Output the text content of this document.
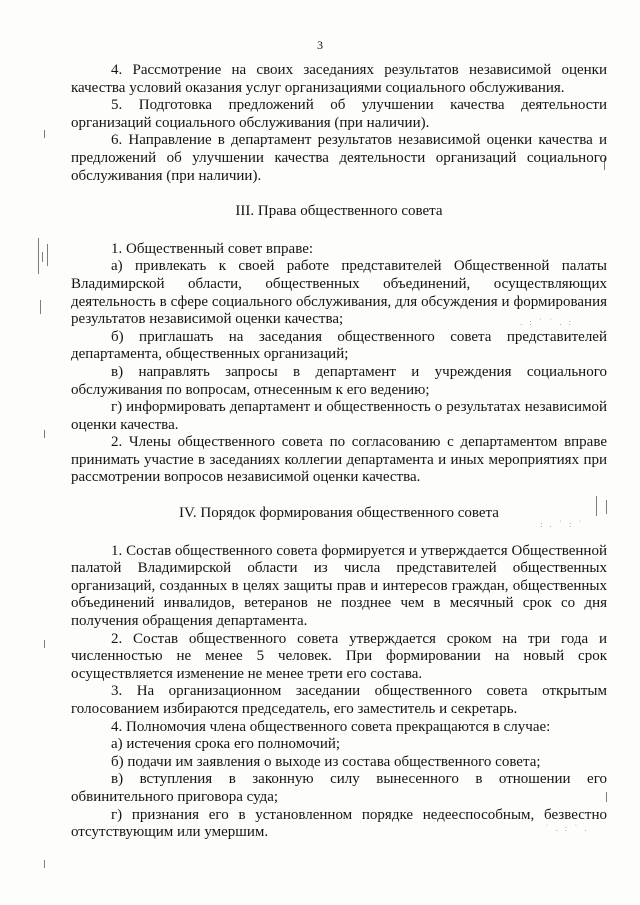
. : ˙ ˙ . :
: . ˙ : ˙
˙ . : ˙ .
3

4. Рассмотрение на своих заседаниях результатов независимой оценки качества условий оказания услуг организациями социального обслуживания.

5. Подготовка предложений об улучшении качества деятельности организаций социального обслуживания (при наличии).

6. Направление в департамент результатов независимой оценки качества и предложений об улучшении качества деятельности организаций социального обслуживания (при наличии).

III. Права общественного совета

1. Общественный совет вправе:

а) привлекать к своей работе представителей Общественной палаты Владимирской области, общественных объединений, осуществляющих деятельность в сфере социального обслуживания, для обсуждения и формирования результатов независимой оценки качества;

б) приглашать на заседания общественного совета представителей департамента, общественных организаций;

в) направлять запросы в департамент и учреждения социального обслуживания по вопросам, отнесенным к его ведению;

г) информировать департамент и общественность о результатах независимой оценки качества.

2. Члены общественного совета по согласованию с департаментом вправе принимать участие в заседаниях коллегии департамента и иных мероприятиях при рассмотрении вопросов независимой оценки качества.

IV. Порядок формирования общественного совета

1. Состав общественного совета формируется и утверждается Общественной палатой Владимирской области из числа представителей общественных организаций, созданных в целях защиты прав и интересов граждан, общественных объединений инвалидов, ветеранов не позднее чем в месячный срок со дня получения обращения департамента.

2. Состав общественного совета утверждается сроком на три года и численностью не менее 5 человек. При формировании на новый срок осуществляется изменение не менее трети его состава.

3. На организационном заседании общественного совета открытым голосованием избираются председатель, его заместитель и секретарь.

4. Полномочия члена общественного совета прекращаются в случае:

а) истечения срока его полномочий;

б) подачи им заявления о выходе из состава общественного совета;

в) вступления в законную силу вынесенного в отношении его обвинительного приговора суда;

г) признания его в установленном порядке недееспособным, безвестно отсутствующим или умершим.
